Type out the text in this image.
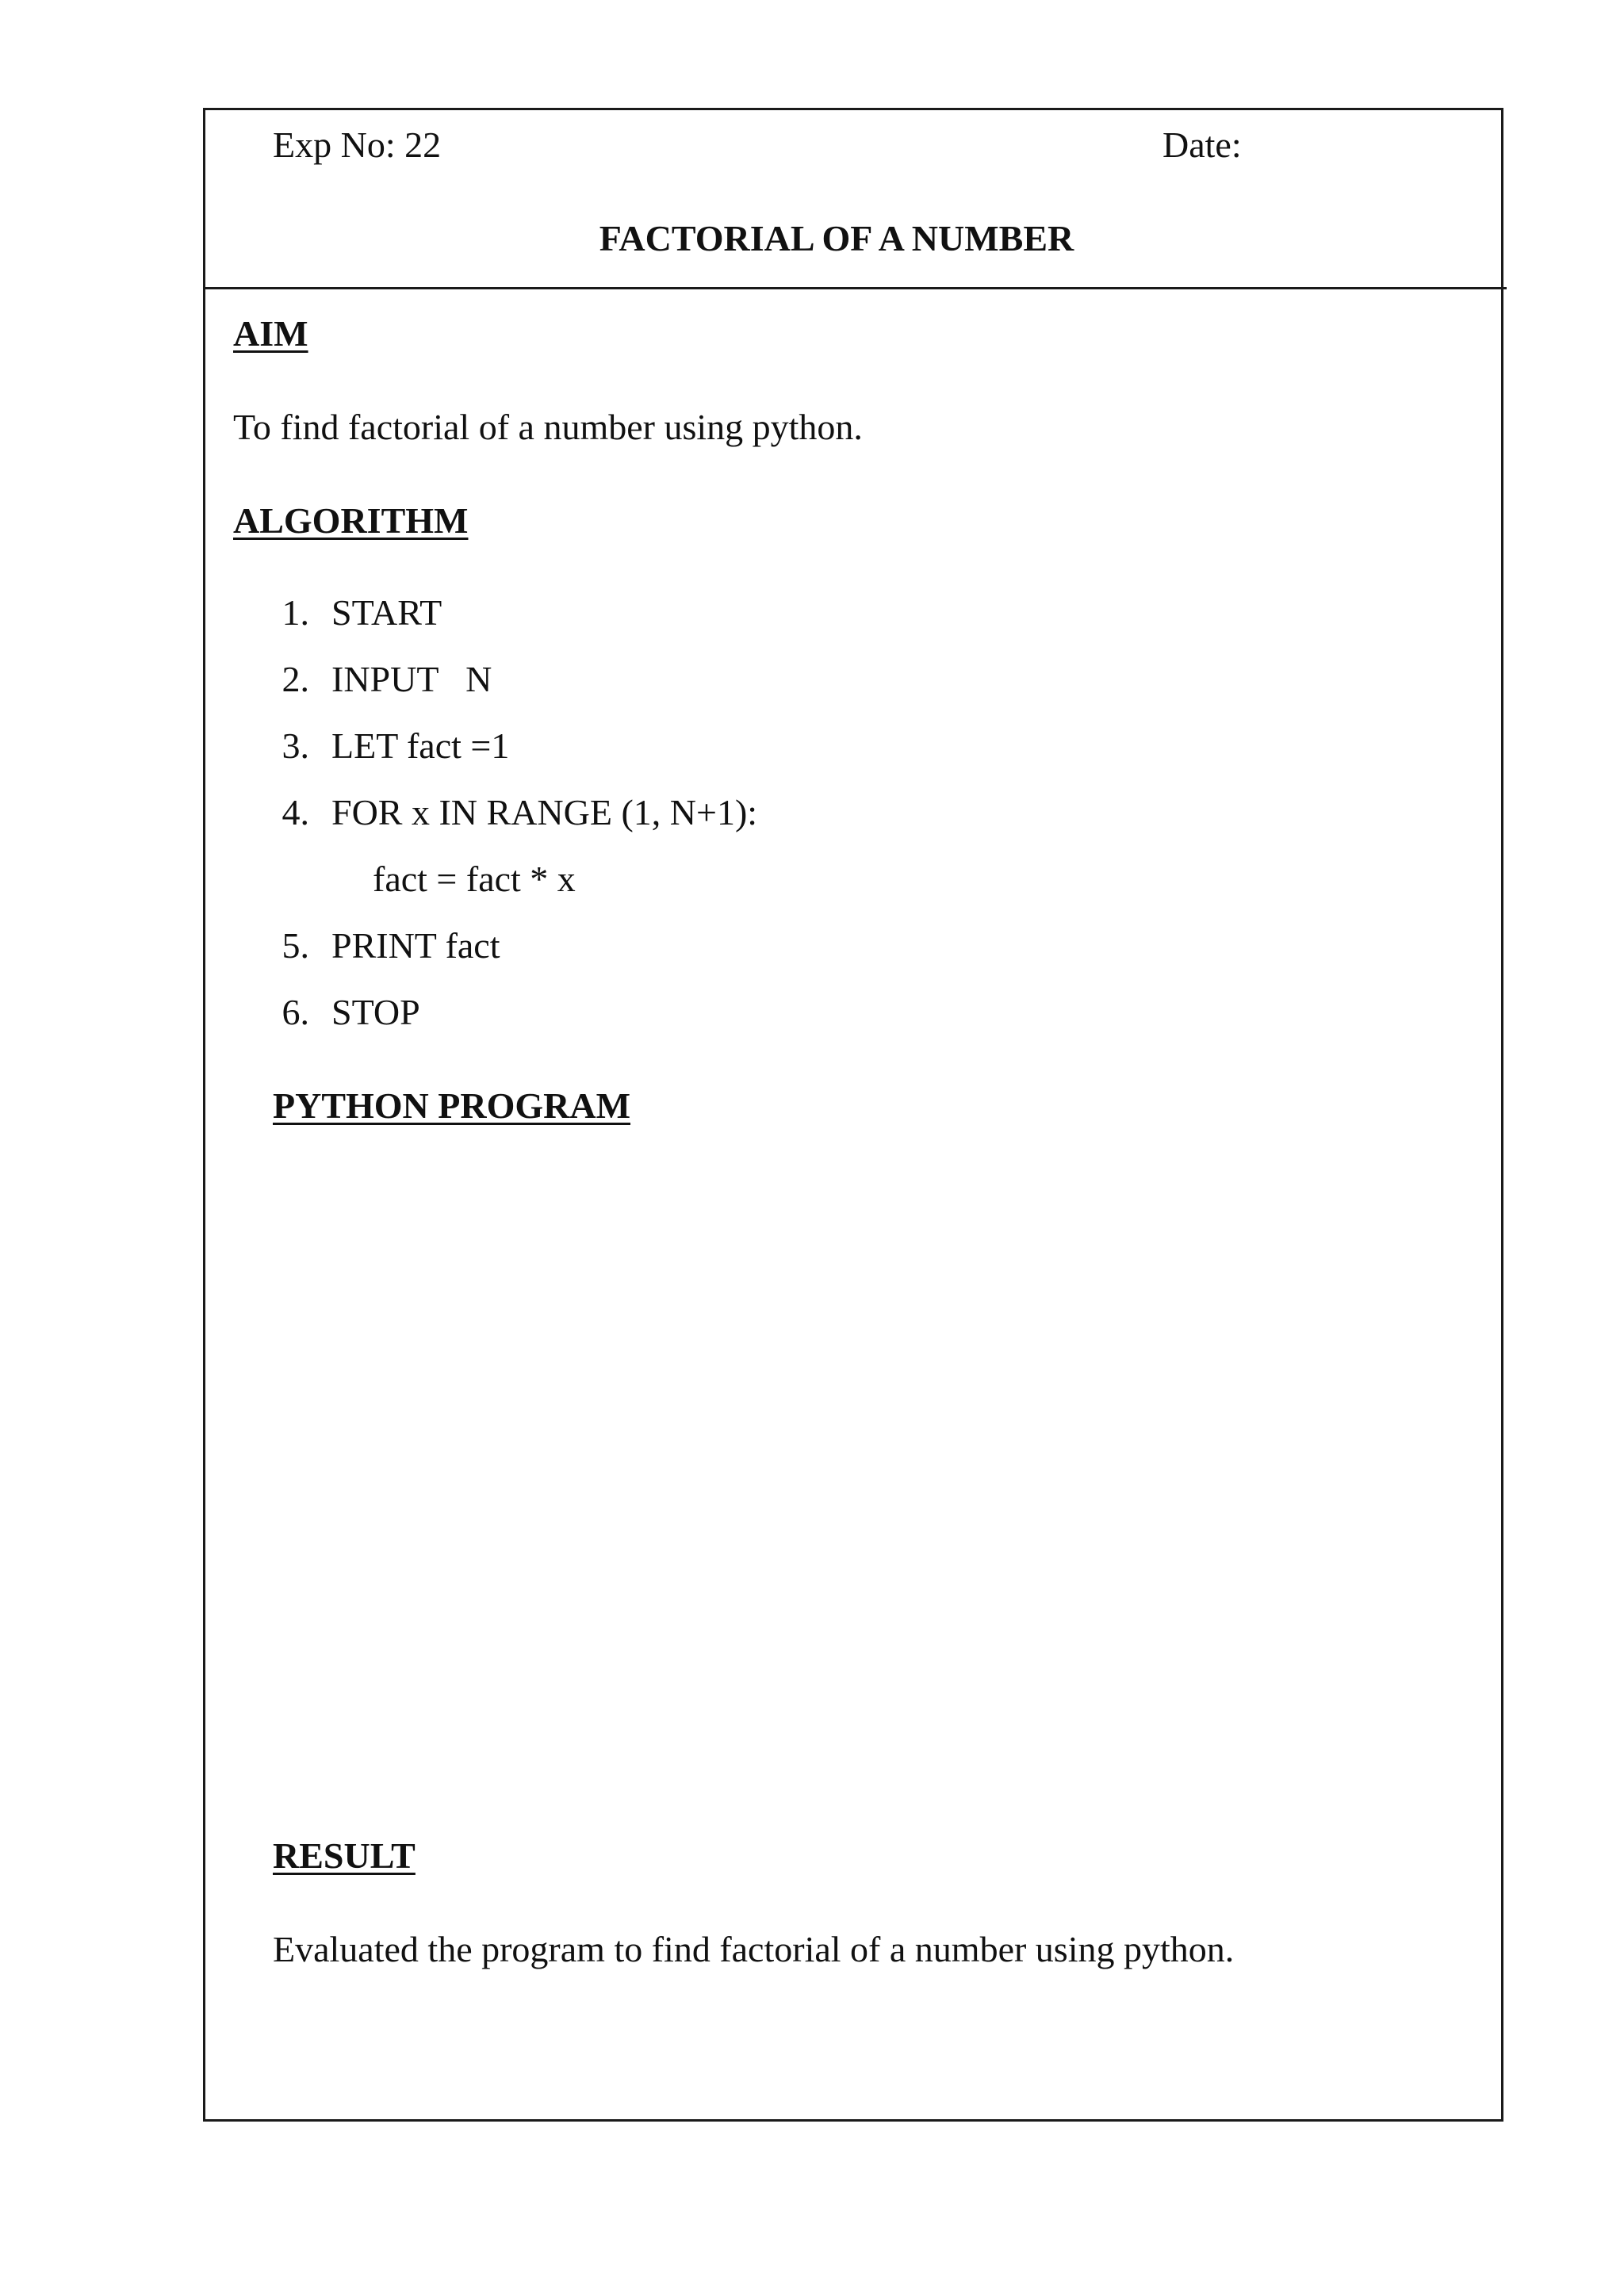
Exp No: 22	Date:
FACTORIAL OF A NUMBER
AIM
To find factorial of a number using python.
ALGORITHM
1. START
2. INPUT   N
3. LET fact =1
4. FOR x IN RANGE (1, N+1):
fact = fact * x
5. PRINT fact
6. STOP
PYTHON PROGRAM
RESULT
Evaluated the program to find factorial of a number using python.
